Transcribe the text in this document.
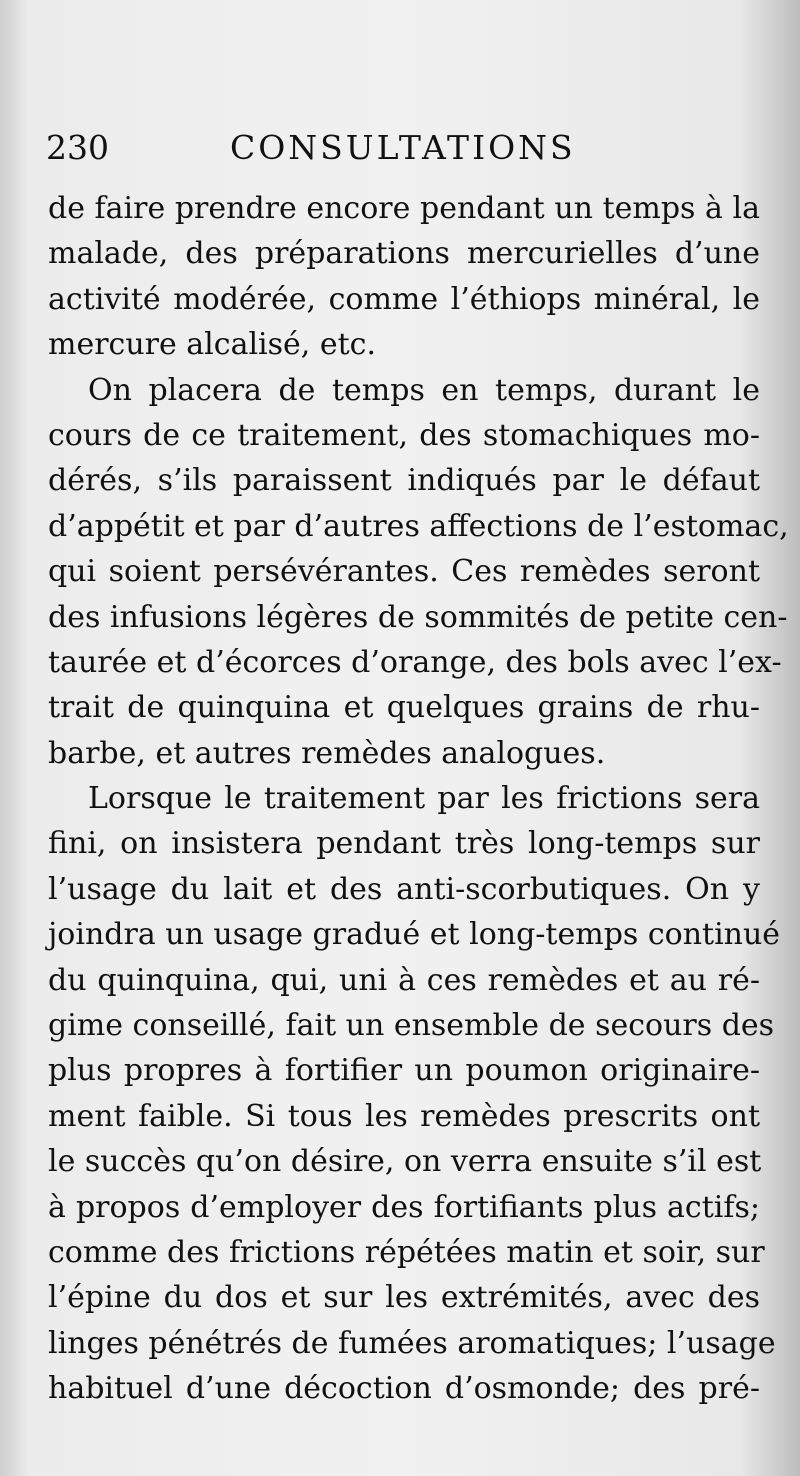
230	CONSULTATIONS
de faire prendre encore pendant un temps à la
malade, des préparations mercurielles d’une
activité modérée, comme l’éthiops minéral, le
mercure alcalisé, etc.
On placera de temps en temps, durant le
cours de ce traitement, des stomachiques mo-
dérés, s’ils paraissent indiqués par le défaut
d’appétit et par d’autres affections de l’estomac,
qui soient persévérantes. Ces remèdes seront
des infusions légères de sommités de petite cen-
taurée et d’écorces d’orange, des bols avec l’ex-
trait de quinquina et quelques grains de rhu-
barbe, et autres remèdes analogues.
Lorsque le traitement par les frictions sera
fini, on insistera pendant très long-temps sur
l’usage du lait et des anti-scorbutiques. On y
joindra un usage gradué et long-temps continué
du quinquina, qui, uni à ces remèdes et au ré-
gime conseillé, fait un ensemble de secours des
plus propres à fortifier un poumon originaire-
ment faible. Si tous les remèdes prescrits ont
le succès qu’on désire, on verra ensuite s’il est
à propos d’employer des fortifiants plus actifs;
comme des frictions répétées matin et soir, sur
l’épine du dos et sur les extrémités, avec des
linges pénétrés de fumées aromatiques; l’usage
habituel d’une décoction d’osmonde; des pré-
